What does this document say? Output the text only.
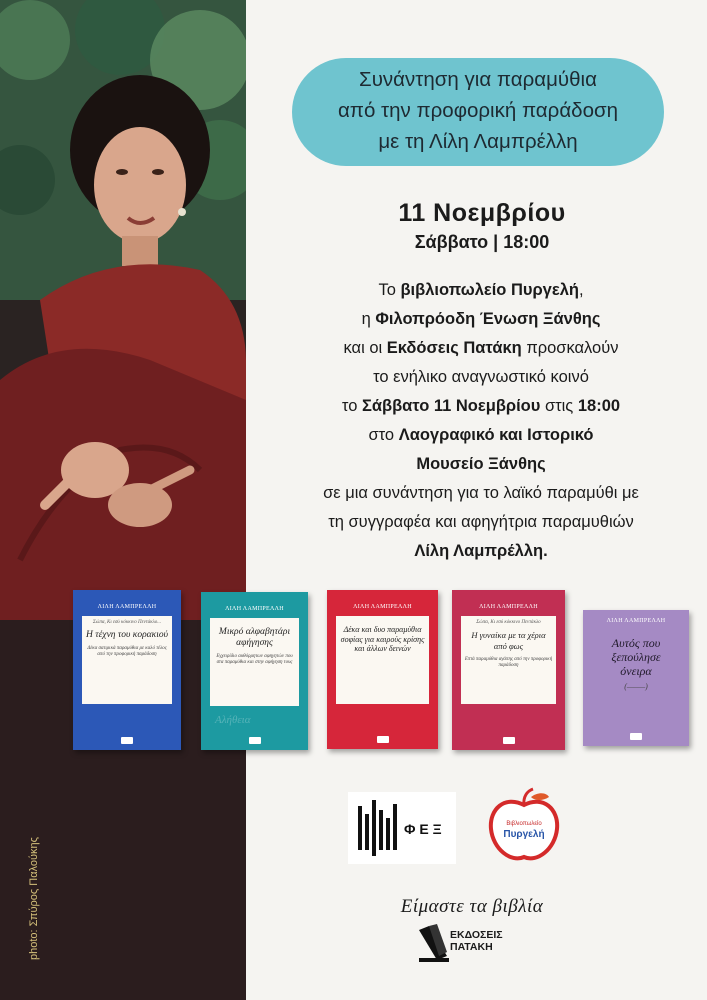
photo: Σπύρος Παλούκης
Συνάντηση για παραμύθια
από την προφορική παράδοση
με τη Λίλη Λαμπρέλλη
11 Νοεμβρίου
Σάββατο | 18:00
Το βιβλιοπωλείο Πυργελή,
η Φιλοπρόοδη Ένωση Ξάνθης
και οι Εκδόσεις Πατάκη προσκαλούν
το ενήλικο αναγνωστικό κοινό
το Σάββατο 11 Νοεμβρίου στις 18:00
στο Λαογραφικό και Ιστορικό
Μουσείο Ξάνθης
σε μια συνάντηση για το λαϊκό παραμύθι με
τη συγγραφέα και αφηγήτρια παραμυθιών
Λίλη Λαμπρέλλη.
ΛΙΛΗ ΛΑΜΠΡΕΛΛΗ
Σώπα, Κι εσύ κόκκινο Πεντάκλο...
Η τέχνη του κορακιού
Δέκα σατιρικά παραμύθια με καλό τέλος από την προφορική παράδοση
ΛΙΛΗ ΛΑΜΠΡΕΛΛΗ
Μικρό αλφαβητάρι αφήγησης
Εγχειρίδιο αυθόρμητων αφηγητών που στα παραμύθια και στην αφήγηση τους
Αλήθεια
ΛΙΛΗ ΛΑΜΠΡΕΛΛΗ
Δέκα και δυο παραμύθια σοφίας για καιρούς κρίσης και άλλων δεινών
ΛΙΛΗ ΛΑΜΠΡΕΛΛΗ
Σώπα, Κι εσύ κόκκινο Πεντάκλο
Η γυναίκα με τα χέρια από φως
Επτά παραμύθια αγάπης από την προφορική παράδοση
ΛΙΛΗ ΛΑΜΠΡΕΛΛΗ
Αυτός που ξεπούλησε όνειρα
(—–—)
Φ Ε Ξ	Βιβλιοπωλείο
Πυργελή
Είμαστε τα βιβλία
ΕΚΔΟΣΕΙΣ
ΠΑΤΑΚΗ
